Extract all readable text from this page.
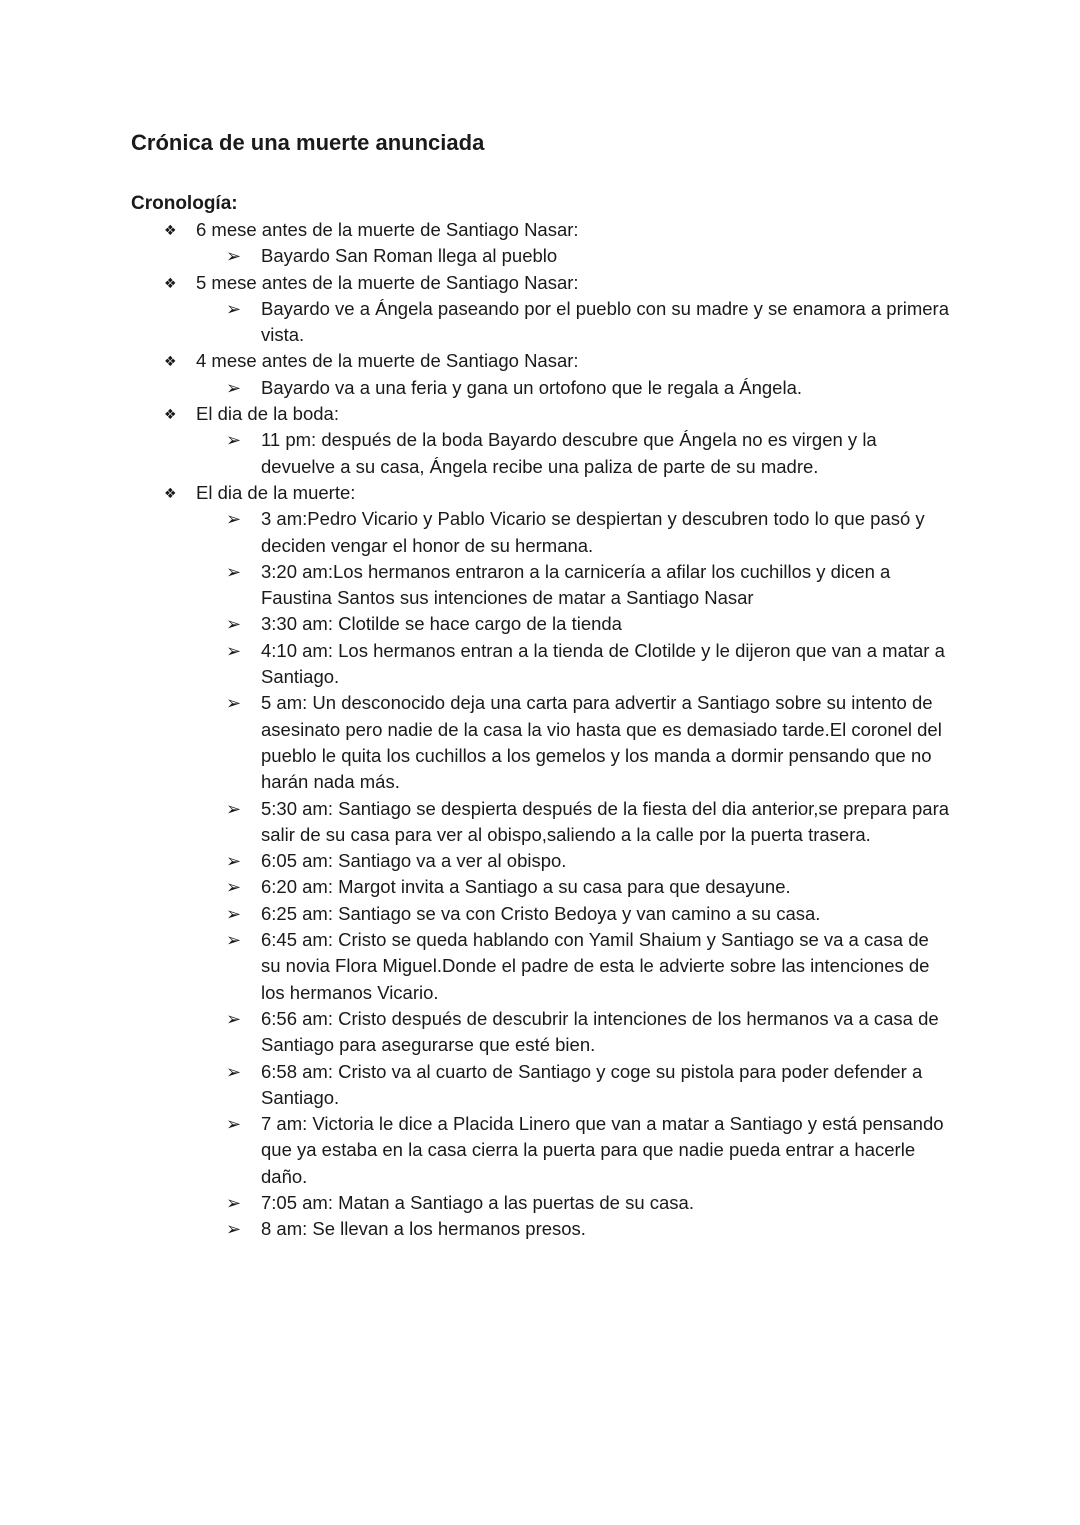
Crónica de una muerte anunciada
Cronología:
❖	6 mese antes de la muerte de Santiago Nasar:
➢	Bayardo San Roman llega al pueblo
❖	5 mese antes de la muerte de Santiago Nasar:
➢	Bayardo ve a Ángela paseando por el pueblo con su madre y se enamora a primera vista.
❖	4 mese antes de la muerte de Santiago Nasar:
➢	Bayardo va a una feria y gana un ortofono que le regala a Ángela.
❖	El dia de la boda:
➢	11 pm: después de la boda Bayardo descubre que Ángela no es virgen y la devuelve a su casa, Ángela recibe una paliza de parte de su madre.
❖	El dia de la muerte:
➢	3 am:Pedro Vicario y Pablo Vicario se despiertan y descubren todo lo que pasó y deciden vengar el honor de su hermana.
➢	3:20 am:Los hermanos entraron a la carnicería a afilar los cuchillos y dicen a Faustina Santos sus intenciones de matar a Santiago Nasar
➢	3:30 am: Clotilde se hace cargo de la tienda
➢	4:10 am: Los hermanos entran a la tienda de Clotilde y le dijeron que van a matar a Santiago.
➢	5 am: Un desconocido deja una carta para advertir a Santiago sobre su intento de asesinato pero nadie de la casa la vio hasta que es demasiado tarde.El coronel del pueblo le quita los cuchillos a los gemelos y los manda a dormir pensando que no harán nada más.
➢	5:30 am: Santiago se despierta después de la fiesta del dia anterior,se prepara para salir de su casa para ver al obispo,saliendo a la calle por la puerta trasera.
➢	6:05 am: Santiago va a ver al obispo.
➢	6:20 am: Margot invita a Santiago a su casa para que desayune.
➢	6:25 am: Santiago se va con Cristo Bedoya y van camino a su casa.
➢	6:45 am: Cristo se queda hablando con Yamil Shaium y Santiago se va a casa de su novia Flora Miguel.Donde el padre de esta le advierte sobre las intenciones de los hermanos Vicario.
➢	6:56 am: Cristo después de descubrir la intenciones de los hermanos va a casa de Santiago para asegurarse que esté bien.
➢	6:58 am: Cristo va al cuarto de Santiago y coge su pistola para poder defender a Santiago.
➢	7 am: Victoria le dice a Placida Linero que van a matar a Santiago y está pensando que ya estaba en la casa cierra la puerta para que nadie pueda entrar a hacerle daño.
➢	7:05 am: Matan a Santiago a las puertas de su casa.
➢	8 am: Se llevan a los hermanos presos.
